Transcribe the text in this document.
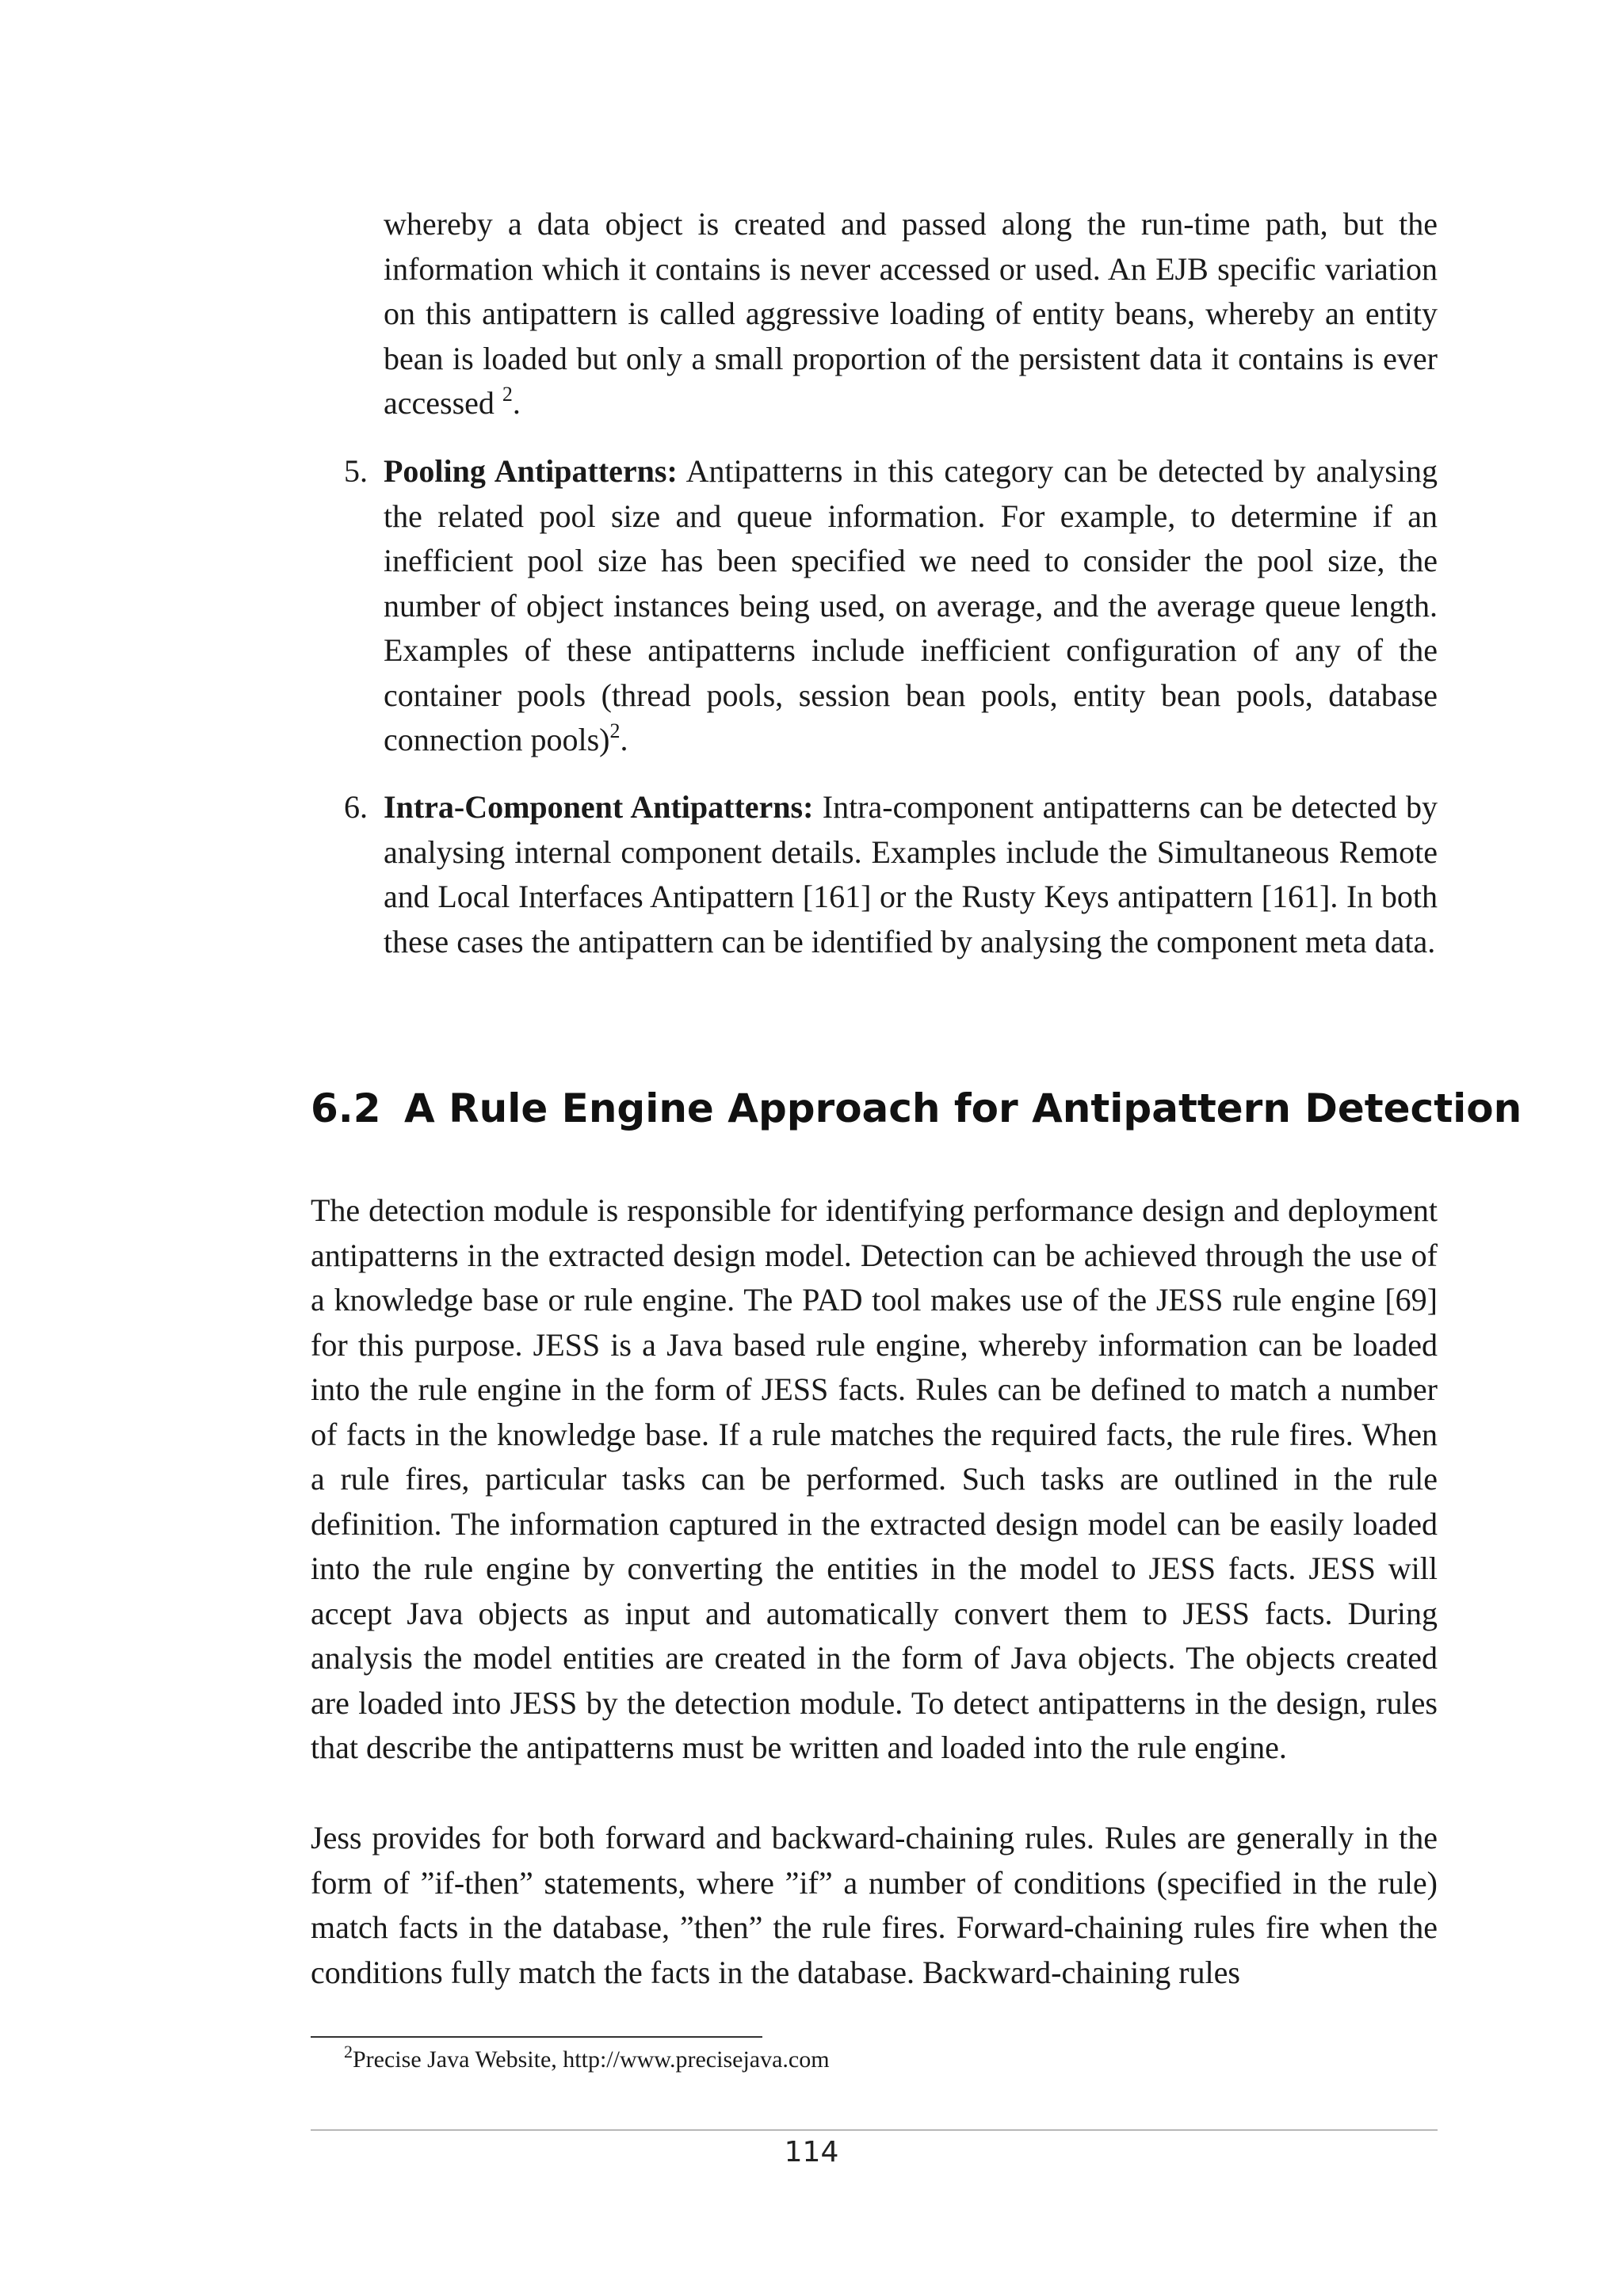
whereby a data object is created and passed along the run-time path, but the information which it contains is never accessed or used. An EJB specific variation on this antipattern is called aggressive loading of entity beans, whereby an entity bean is loaded but only a small proportion of the persistent data it contains is ever accessed $^2$.

5. Pooling Antipatterns: Antipatterns in this category can be detected by analysing the related pool size and queue information. For example, to determine if an inefficient pool size has been specified we need to consider the pool size, the number of object instances being used, on average, and the average queue length. Examples of these antipatterns include inefficient configuration of any of the container pools (thread pools, session bean pools, entity bean pools, database connection pools)$^2$.

6. Intra-Component Antipatterns: Intra-component antipatterns can be detected by analysing internal component details. Examples include the Simultaneous Remote and Local Interfaces Antipattern [161] or the Rusty Keys antipattern [161]. In both these cases the antipattern can be identified by analysing the component meta data.

6.2 A Rule Engine Approach for Antipattern Detection

The detection module is responsible for identifying performance design and deployment antipatterns in the extracted design model. Detection can be achieved through the use of a knowledge base or rule engine. The PAD tool makes use of the JESS rule engine [69] for this purpose. JESS is a Java based rule engine, whereby information can be loaded into the rule engine in the form of JESS facts. Rules can be defined to match a number of facts in the knowledge base. If a rule matches the required facts, the rule fires. When a rule fires, particular tasks can be performed. Such tasks are outlined in the rule definition. The information captured in the extracted design model can be easily loaded into the rule engine by converting the entities in the model to JESS facts. JESS will accept Java objects as input and automatically convert them to JESS facts. During analysis the model entities are created in the form of Java objects. The objects created are loaded into JESS by the detection module. To detect antipatterns in the design, rules that describe the antipatterns must be written and loaded into the rule engine.

Jess provides for both forward and backward-chaining rules. Rules are generally in the form of ”if-then” statements, where ”if” a number of conditions (specified in the rule) match facts in the database, ”then” the rule fires. Forward-chaining rules fire when the conditions fully match the facts in the database. Backward-chaining rules

$^2$Precise Java Website, http://www.precisejava.com

114
